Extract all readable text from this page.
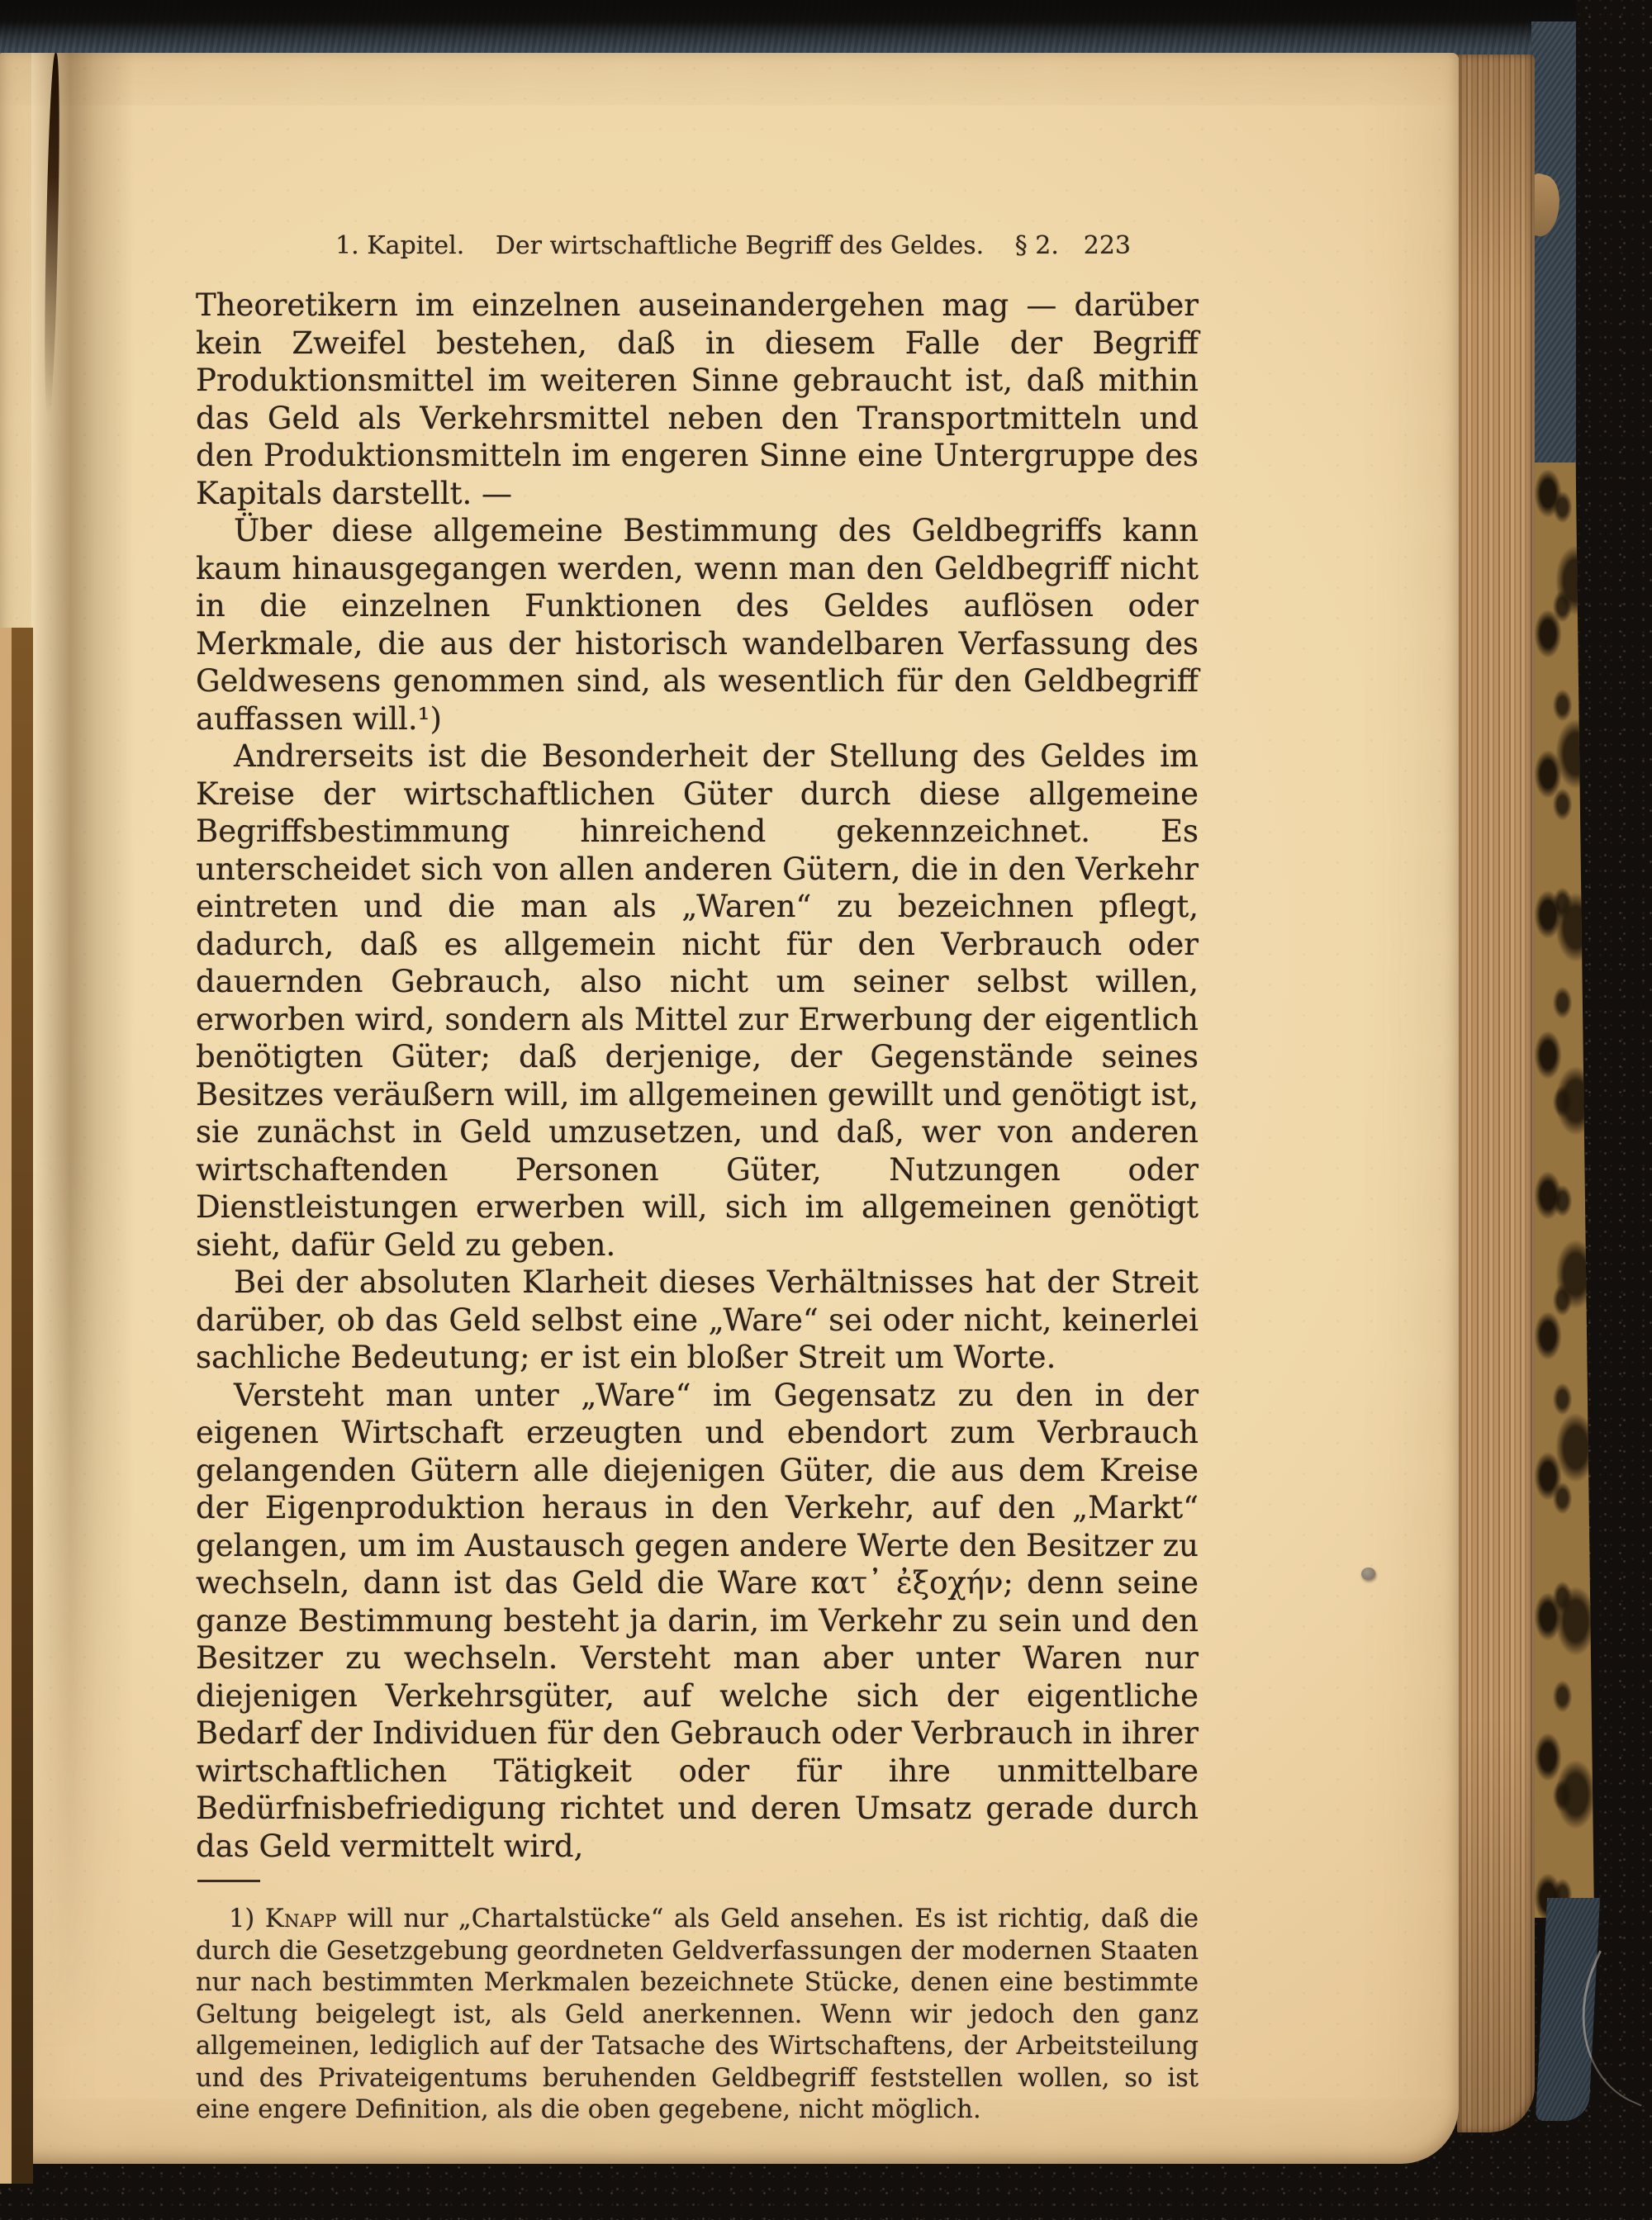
1. Kapitel. Der wirtschaftliche Begriff des Geldes. § 2. 223

Theoretikern im einzelnen auseinandergehen mag — darüber kein Zweifel bestehen, daß in diesem Falle der Begriff Produktionsmittel im weiteren Sinne gebraucht ist, daß mithin das Geld als Verkehrsmittel neben den Transportmitteln und den Produktionsmitteln im engeren Sinne eine Untergruppe des Kapitals darstellt. —

Über diese allgemeine Bestimmung des Geldbegriffs kann kaum hinausgegangen werden, wenn man den Geldbegriff nicht in die einzelnen Funktionen des Geldes auflösen oder Merkmale, die aus der historisch wandelbaren Verfassung des Geldwesens genommen sind, als wesentlich für den Geldbegriff auffassen will.¹)

Andrerseits ist die Besonderheit der Stellung des Geldes im Kreise der wirtschaftlichen Güter durch diese allgemeine Begriffsbestimmung hinreichend gekennzeichnet. Es unterscheidet sich von allen anderen Gütern, die in den Verkehr eintreten und die man als „Waren“ zu bezeichnen pflegt, dadurch, daß es allgemein nicht für den Verbrauch oder dauernden Gebrauch, also nicht um seiner selbst willen, erworben wird, sondern als Mittel zur Erwerbung der eigentlich benötigten Güter; daß derjenige, der Gegenstände seines Besitzes veräußern will, im allgemeinen gewillt und genötigt ist, sie zunächst in Geld umzusetzen, und daß, wer von anderen wirtschaftenden Personen Güter, Nutzungen oder Dienstleistungen erwerben will, sich im allgemeinen genötigt sieht, dafür Geld zu geben.

Bei der absoluten Klarheit dieses Verhältnisses hat der Streit darüber, ob das Geld selbst eine „Ware“ sei oder nicht, keinerlei sachliche Bedeutung; er ist ein bloßer Streit um Worte.

Versteht man unter „Ware“ im Gegensatz zu den in der eigenen Wirtschaft erzeugten und ebendort zum Verbrauch gelangenden Gütern alle diejenigen Güter, die aus dem Kreise der Eigenproduktion heraus in den Verkehr, auf den „Markt“ gelangen, um im Austausch gegen andere Werte den Besitzer zu wechseln, dann ist das Geld die Ware κατ᾽ ἐξοχήν; denn seine ganze Bestimmung besteht ja darin, im Verkehr zu sein und den Besitzer zu wechseln. Versteht man aber unter Waren nur diejenigen Verkehrsgüter, auf welche sich der eigentliche Bedarf der Individuen für den Gebrauch oder Verbrauch in ihrer wirtschaftlichen Tätigkeit oder für ihre unmittelbare Bedürfnisbefriedigung richtet und deren Umsatz gerade durch das Geld vermittelt wird,

1) Knapp will nur „Chartalstücke“ als Geld ansehen. Es ist richtig, daß die durch die Gesetzgebung geordneten Geldverfassungen der modernen Staaten nur nach bestimmten Merkmalen bezeichnete Stücke, denen eine bestimmte Geltung beigelegt ist, als Geld anerkennen. Wenn wir jedoch den ganz allgemeinen, lediglich auf der Tatsache des Wirtschaftens, der Arbeitsteilung und des Privateigentums beruhenden Geldbegriff feststellen wollen, so ist eine engere Definition, als die oben gegebene, nicht möglich.
